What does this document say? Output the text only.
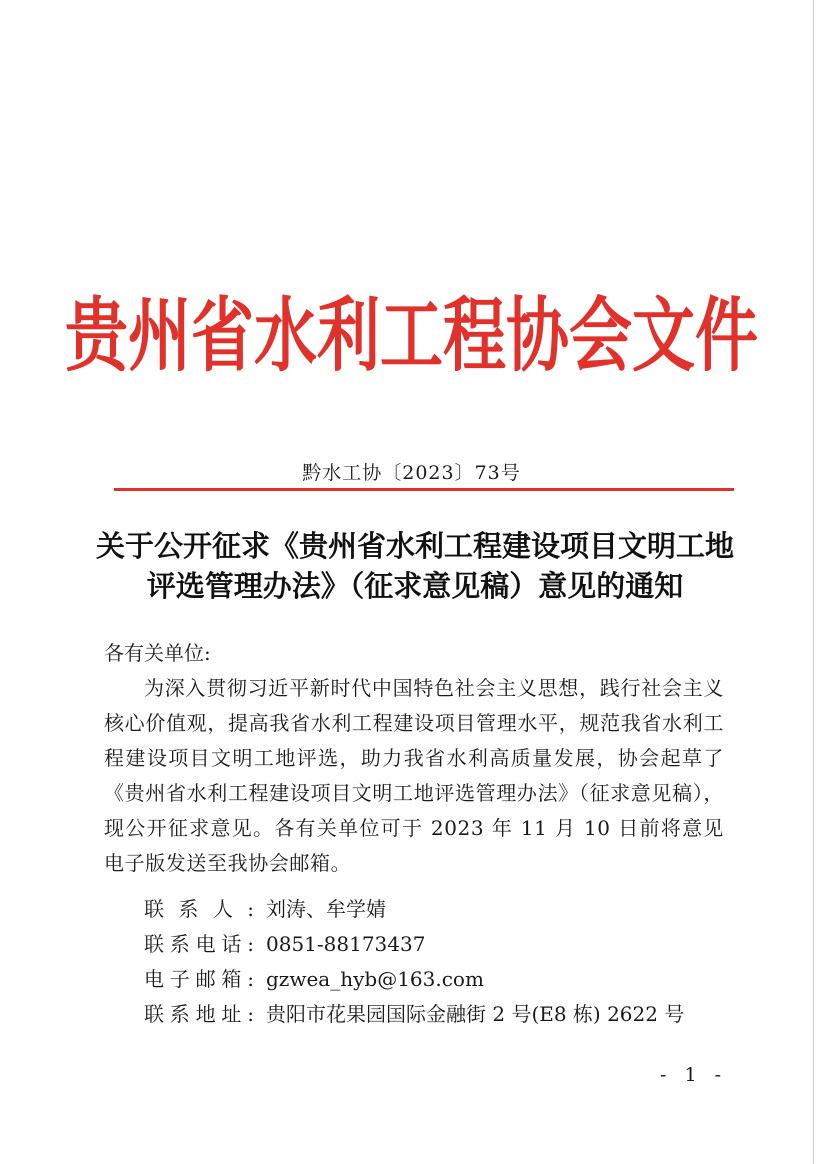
贵州省水利工程协会文件
黔水工协〔2023〕73号
关于公开征求《贵州省水利工程建设项目文明工地评选管理办法》（征求意见稿）意见的通知
各有关单位:
为深入贯彻习近平新时代中国特色社会主义思想，践行社会主义核心价值观，提高我省水利工程建设项目管理水平，规范我省水利工程建设项目文明工地评选，助力我省水利高质量发展，协会起草了《贵州省水利工程建设项目文明工地评选管理办法》（征求意见稿），现公开征求意见。各有关单位可于 2023 年 11 月 10 日前将意见电子版发送至我协会邮箱。
联系人: 刘涛、牟学婧
联系电话: 0851-88173437
电子邮箱: gzwea_hyb@163.com
联系地址: 贵阳市花果园国际金融街 2 号(E8 栋) 2622 号
- 1 -
